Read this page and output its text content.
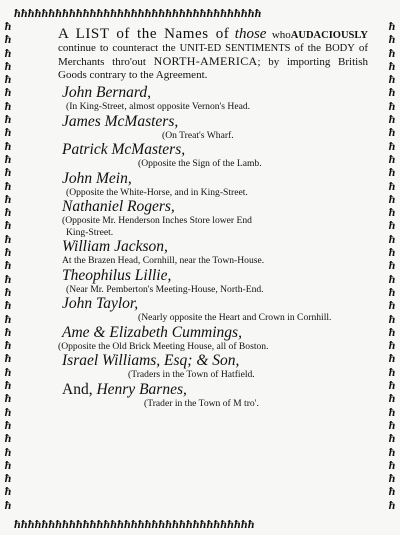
ħħħħħħħħħħħħħħħħħħħħħħħħħħħħħħħħħħħħ
ħħħħħħħħħħħħħħħħħħħħħħħħħħħħħħħħħħħ
ħ
ħ
ħ
ħ
ħ
ħ
ħ
ħ
ħ
ħ
ħ
ħ
ħ
ħ
ħ
ħ
ħ
ħ
ħ
ħ
ħ
ħ
ħ
ħ
ħ
ħ
ħ
ħ
ħ
ħ
ħ
ħ
ħ
ħ
ħ
ħ
ħ
ħ
ħ
ħ
ħ
ħ
ħ
ħ
ħ
ħ
ħ
ħ
ħ
ħ
ħ
ħ
ħ
ħ
ħ
ħ
ħ
ħ
ħ
ħ
ħ
ħ
ħ
ħ
ħ
ħ
ħ
ħ
ħ
ħ
ħ
ħ
ħ
ħ

A LIST of the Names of those whoAUDACIOUSLY continue to counteract the UNIT-ED SENTIMENTS of the BODY of Merchants thro'out NORTH-AMERICA; by importing British Goods contrary to the Agreement.

John Bernard,
(In King-Street, almost opposite Vernon's Head.
James McMasters,
(On Treat's Wharf.
Patrick McMasters,
(Opposite the Sign of the Lamb.
John Mein,
(Opposite the White-Horse, and in King-Street.
Nathaniel Rogers,
(Opposite Mr. Henderson Inches Store lower End
King-Street.
William Jackson,
At the Brazen Head, Cornhill, near the Town-House.
Theophilus Lillie,
(Near Mr. Pemberton's Meeting-House, North-End.
John Taylor,
(Nearly opposite the Heart and Crown in Cornhill.
Ame & Elizabeth Cummings,
(Opposite the Old Brick Meeting House, all of Boston.
Israel Williams, Esq; & Son,
(Traders in the Town of Hatfield.
And, Henry Barnes,
(Trader in the Town of M tro'.
